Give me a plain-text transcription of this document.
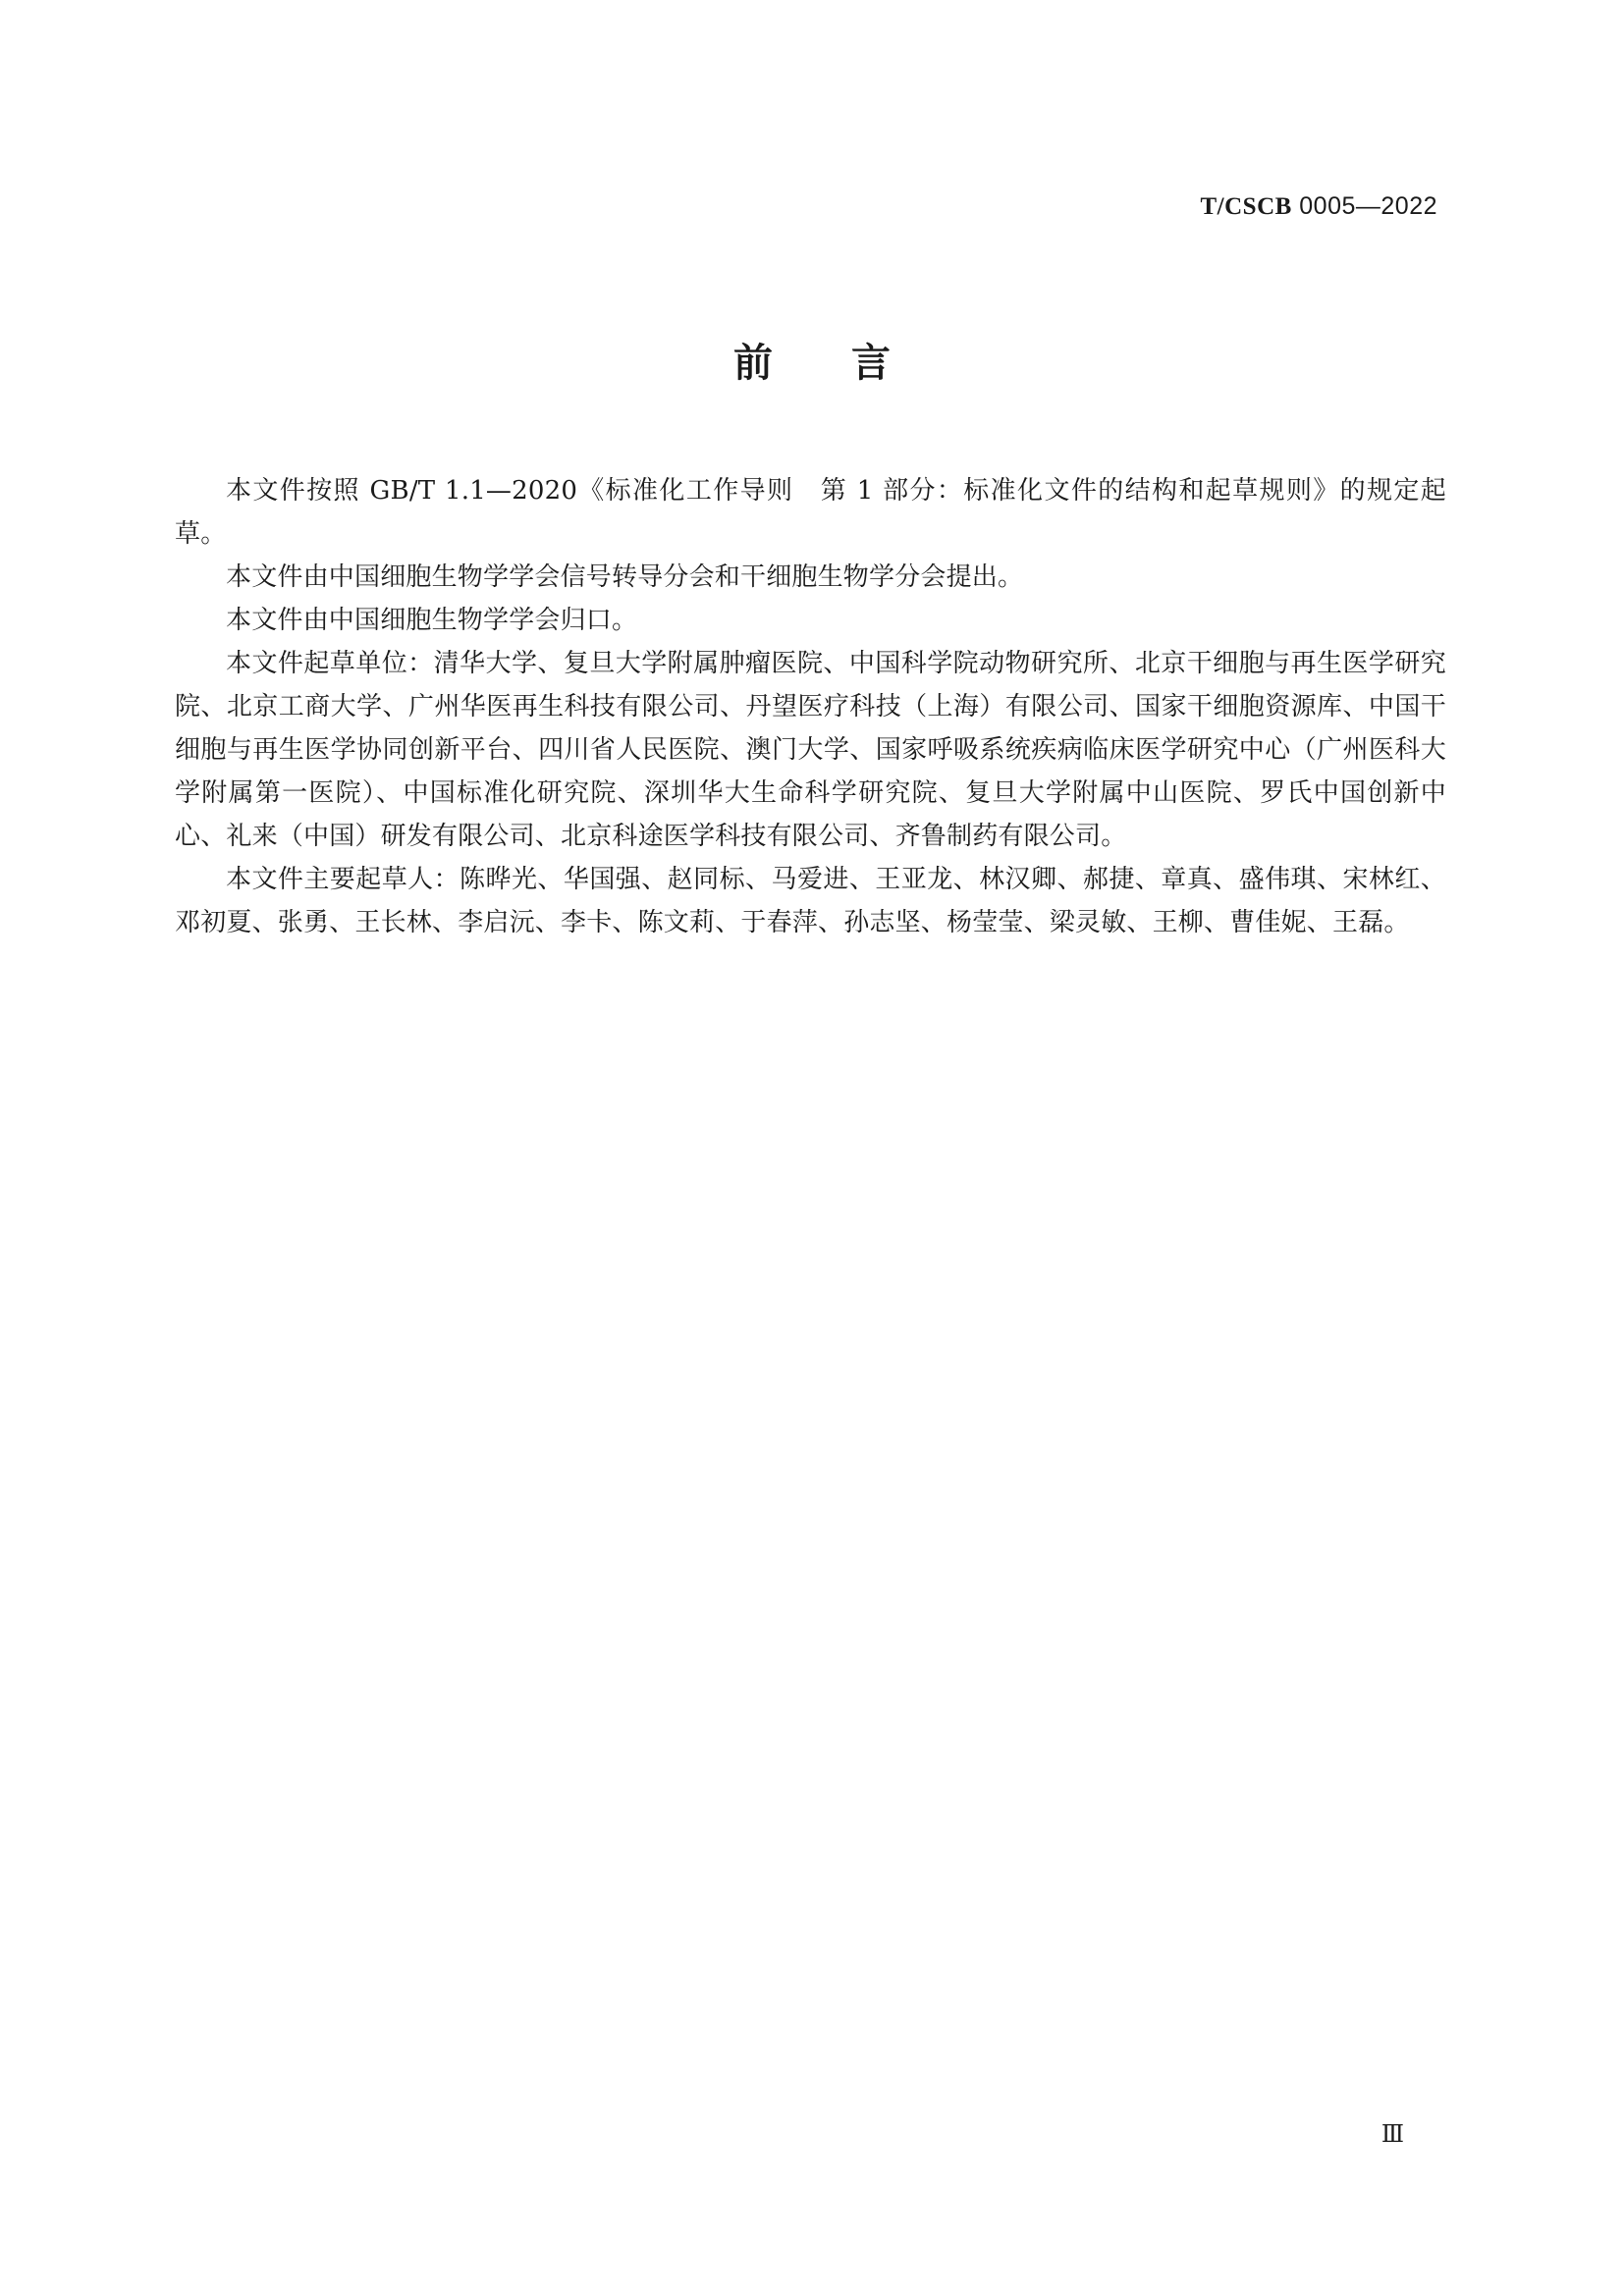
T/CSCB 0005—2022
前言

本文件按照 GB/T 1.1—2020《标准化工作导则　第 1 部分：标准化文件的结构和起草规则》的规定起草。

本文件由中国细胞生物学学会信号转导分会和干细胞生物学分会提出。

本文件由中国细胞生物学学会归口。

本文件起草单位：清华大学、复旦大学附属肿瘤医院、中国科学院动物研究所、北京干细胞与再生医学研究院、北京工商大学、广州华医再生科技有限公司、丹望医疗科技（上海）有限公司、国家干细胞资源库、中国干细胞与再生医学协同创新平台、四川省人民医院、澳门大学、国家呼吸系统疾病临床医学研究中心（广州医科大学附属第一医院）、中国标准化研究院、深圳华大生命科学研究院、复旦大学附属中山医院、罗氏中国创新中心、礼来（中国）研发有限公司、北京科途医学科技有限公司、齐鲁制药有限公司。

本文件主要起草人：陈晔光、华国强、赵同标、马爱进、王亚龙、林汉卿、郝捷、章真、盛伟琪、宋林红、邓初夏、张勇、王长林、李启沅、李卡、陈文莉、于春萍、孙志坚、杨莹莹、梁灵敏、王柳、曹佳妮、王磊。

Ⅲ
